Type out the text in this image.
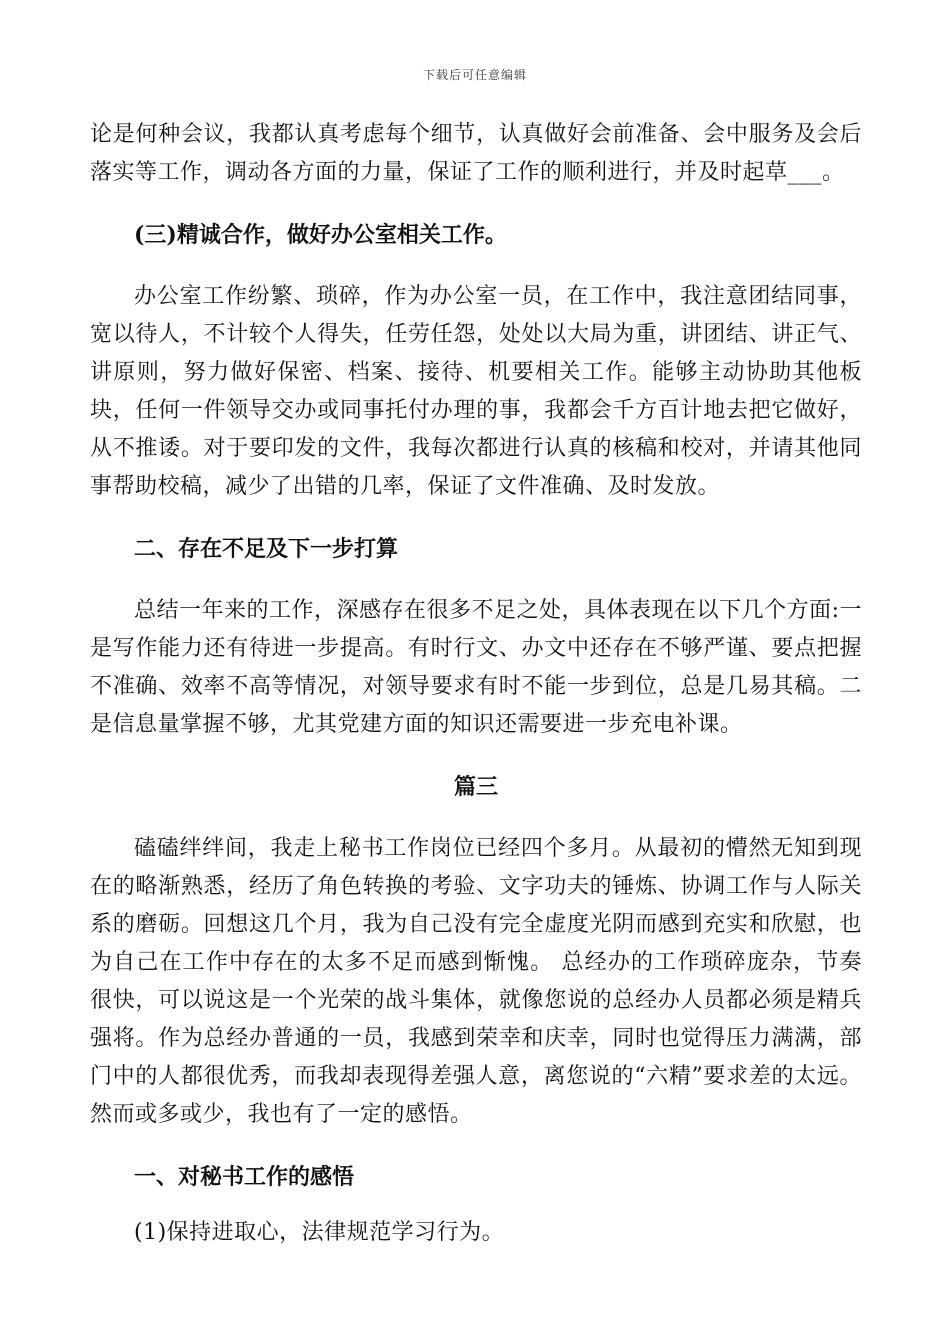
下载后可任意编辑

论是何种会议，我都认真考虑每个细节，认真做好会前准备、会中服务及会后落实等工作，调动各方面的力量，保证了工作的顺利进行，并及时起草___。

(三)精诚合作，做好办公室相关工作。

办公室工作纷繁、琐碎，作为办公室一员，在工作中，我注意团结同事，宽以待人，不计较个人得失，任劳任怨，处处以大局为重，讲团结、讲正气、讲原则，努力做好保密、档案、接待、机要相关工作。能够主动协助其他板块，任何一件领导交办或同事托付办理的事，我都会千方百计地去把它做好，从不推诿。对于要印发的文件，我每次都进行认真的核稿和校对，并请其他同事帮助校稿，减少了出错的几率，保证了文件准确、及时发放。

二、存在不足及下一步打算

总结一年来的工作，深感存在很多不足之处，具体表现在以下几个方面:一是写作能力还有待进一步提高。有时行文、办文中还存在不够严谨、要点把握不准确、效率不高等情况，对领导要求有时不能一步到位，总是几易其稿。二是信息量掌握不够，尤其党建方面的知识还需要进一步充电补课。

篇三

磕磕绊绊间，我走上秘书工作岗位已经四个多月。从最初的懵然无知到现在的略渐熟悉，经历了角色转换的考验、文字功夫的锤炼、协调工作与人际关系的磨砺。回想这几个月，我为自己没有完全虚度光阴而感到充实和欣慰，也为自己在工作中存在的太多不足而感到惭愧。 总经办的工作琐碎庞杂，节奏很快，可以说这是一个光荣的战斗集体，就像您说的总经办人员都必须是精兵强将。作为总经办普通的一员，我感到荣幸和庆幸，同时也觉得压力满满，部门中的人都很优秀，而我却表现得差强人意，离您说的“六精”要求差的太远。然而或多或少，我也有了一定的感悟。

一、对秘书工作的感悟

(1)保持进取心，法律规范学习行为。
